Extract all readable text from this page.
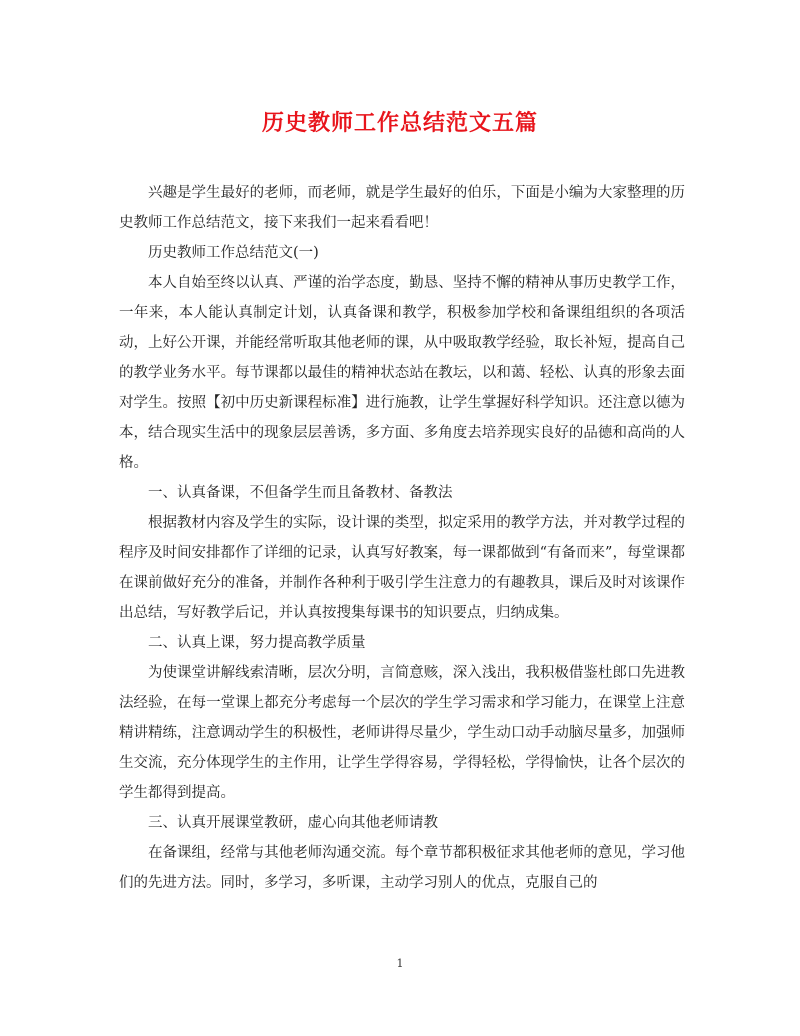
历史教师工作总结范文五篇

兴趣是学生最好的老师，而老师，就是学生最好的伯乐，下面是小编为大家整理的历史教师工作总结范文，接下来我们一起来看看吧！

历史教师工作总结范文(一)

本人自始至终以认真、严谨的治学态度，勤恳、坚持不懈的精神从事历史教学工作，一年来，本人能认真制定计划，认真备课和教学，积极参加学校和备课组组织的各项活动，上好公开课，并能经常听取其他老师的课，从中吸取教学经验，取长补短，提高自己的教学业务水平。每节课都以最佳的精神状态站在教坛，以和蔼、轻松、认真的形象去面对学生。按照【初中历史新课程标准】进行施教，让学生掌握好科学知识。还注意以德为本，结合现实生活中的现象层层善诱，多方面、多角度去培养现实良好的品德和高尚的人格。

一、认真备课，不但备学生而且备教材、备教法

根据教材内容及学生的实际，设计课的类型，拟定采用的教学方法，并对教学过程的程序及时间安排都作了详细的记录，认真写好教案，每一课都做到“有备而来”，每堂课都在课前做好充分的准备，并制作各种利于吸引学生注意力的有趣教具，课后及时对该课作出总结，写好教学后记，并认真按搜集每课书的知识要点，归纳成集。

二、认真上课，努力提高教学质量

为使课堂讲解线索清晰，层次分明，言简意赅，深入浅出，我积极借鉴杜郎口先进教法经验，在每一堂课上都充分考虑每一个层次的学生学习需求和学习能力，在课堂上注意精讲精练，注意调动学生的积极性，老师讲得尽量少，学生动口动手动脑尽量多，加强师生交流，充分体现学生的主作用，让学生学得容易，学得轻松，学得愉快，让各个层次的学生都得到提高。

三、认真开展课堂教研，虚心向其他老师请教

在备课组，经常与其他老师沟通交流。每个章节都积极征求其他老师的意见，学习他们的先进方法。同时，多学习，多听课，主动学习别人的优点，克服自己的

1
